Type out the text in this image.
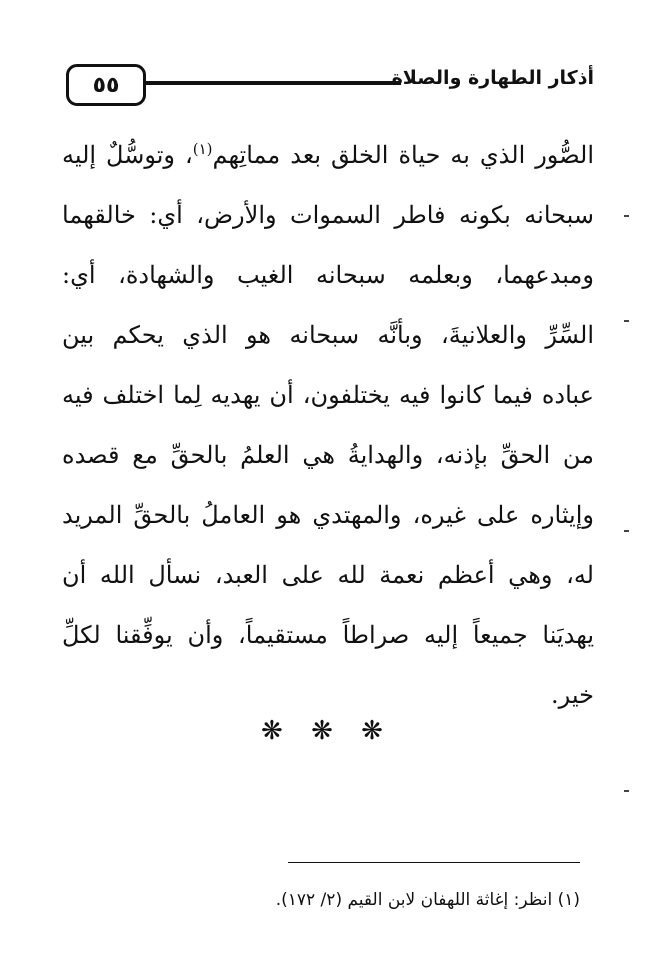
٥٥	أذكار الطهارة والصلاة
الصُّور الذي به حياة الخلق بعد مماتِهم$^{(١)}$، وتوسُّلٌ إليه
سبحانه بكونه فاطر السموات والأرض، أي: خالقهما
ومبدعهما، وبعلمه سبحانه الغيب والشهادة، أي:
السِّرِّ والعلانيةَ، وبأنَّه سبحانه هو الذي يحكم بين
عباده فيما كانوا فيه يختلفون، أن يهديه لِما اختلف فيه
من الحقِّ بإذنه، والهدايةُ هي العلمُ بالحقِّ مع قصده
وإيثاره على غيره، والمهتدي هو العاملُ بالحقِّ المريد
له، وهي أعظم نعمة لله على العبد، نسأل الله أن
يهديَنا جميعاً إليه صراطاً مستقيماً، وأن يوفِّقنا لكلِّ
خير.
❋ ❋ ❋
(١) انظر: إغاثة اللهفان لابن القيم (٢/ ١٧٢).
